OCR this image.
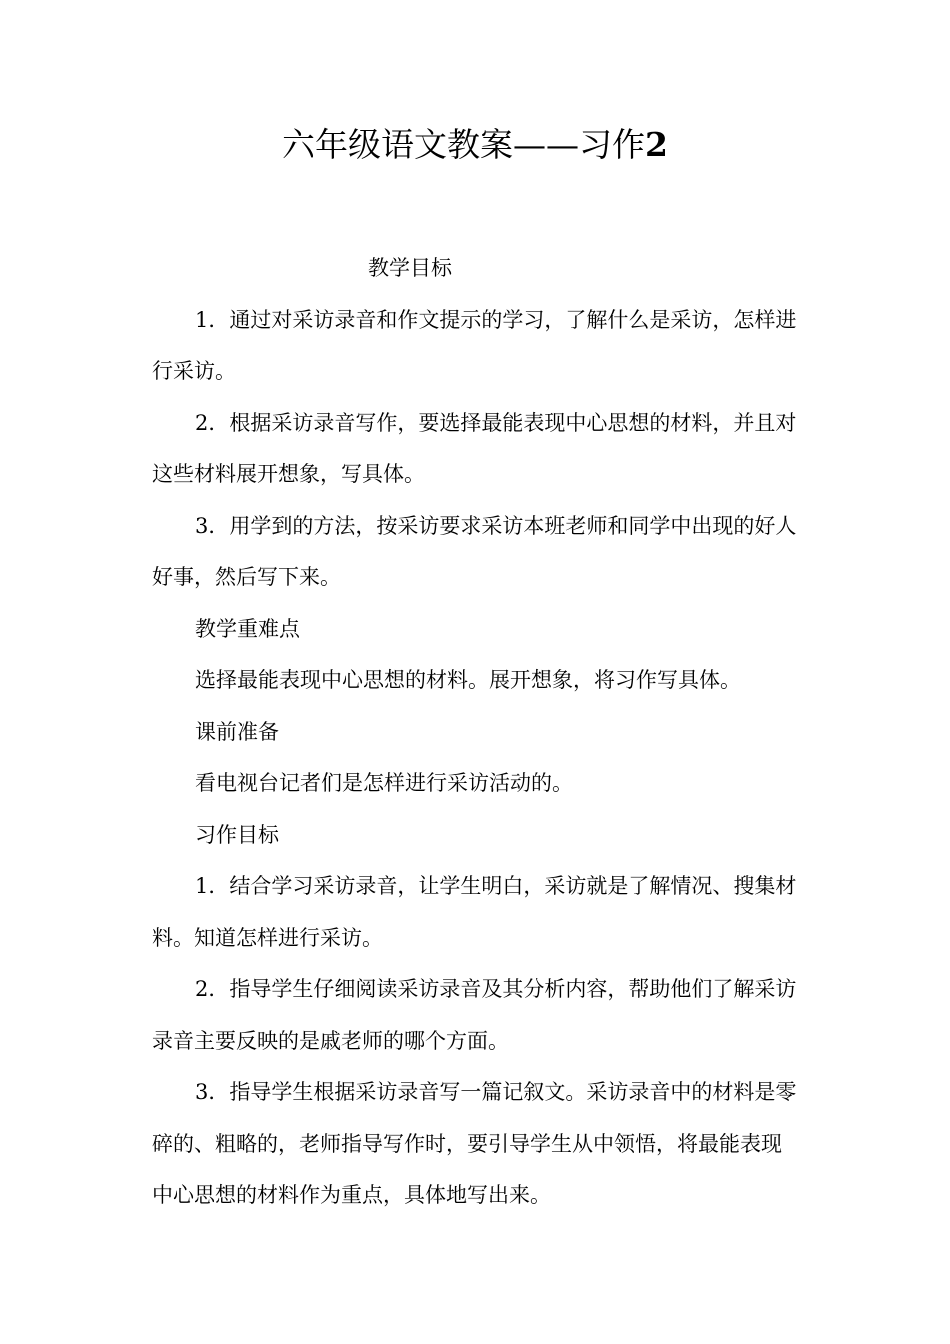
六年级语文教案——习作2

教学目标

1．通过对采访录音和作文提示的学习，了解什么是采访，怎样进行采访。

2．根据采访录音写作，要选择最能表现中心思想的材料，并且对这些材料展开想象，写具体。

3．用学到的方法，按采访要求采访本班老师和同学中出现的好人好事，然后写下来。

教学重难点

选择最能表现中心思想的材料。展开想象，将习作写具体。

课前准备

看电视台记者们是怎样进行采访活动的。

习作目标

1．结合学习采访录音，让学生明白，采访就是了解情况、搜集材料。知道怎样进行采访。

2．指导学生仔细阅读采访录音及其分析内容，帮助他们了解采访录音主要反映的是戚老师的哪个方面。

3．指导学生根据采访录音写一篇记叙文。采访录音中的材料是零碎的、粗略的，老师指导写作时，要引导学生从中领悟，将最能表现中心思想的材料作为重点，具体地写出来。
